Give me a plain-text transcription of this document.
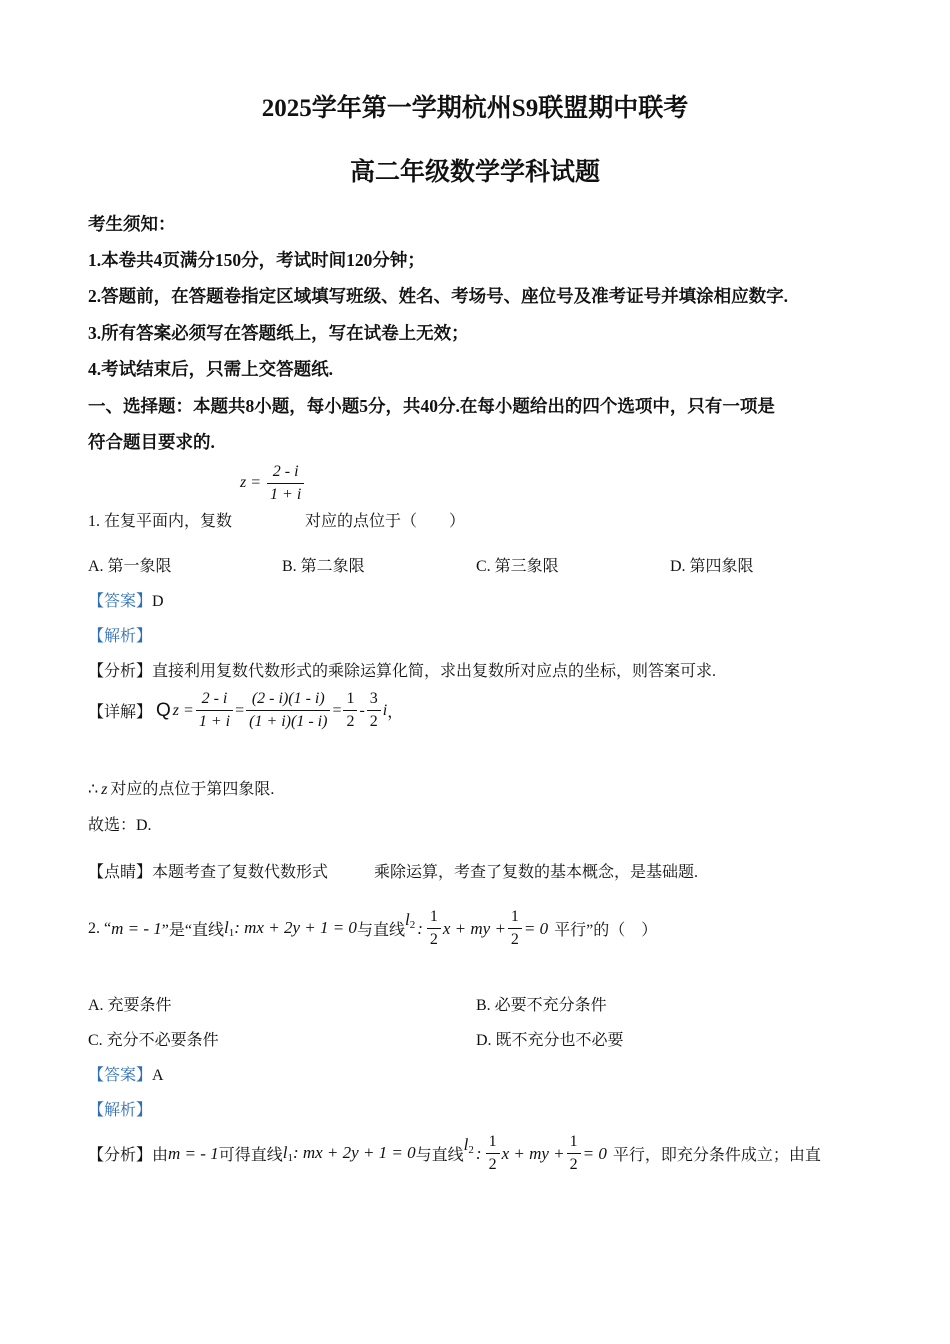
2025学年第一学期杭州S9联盟期中联考
高二年级数学学科试题
考生须知：
1.本卷共4页满分150分，考试时间120分钟；
2.答题前，在答题卷指定区域填写班级、姓名、考场号、座位号及准考证号并填涂相应数字.
3.所有答案必须写在答题纸上，写在试卷上无效；
4.考试结束后，只需上交答题纸.
一、选择题：本题共8小题，每小题5分，共40分.在每小题给出的四个选项中，只有一项是
符合题目要求的.
$z = \frac{2 - i}{1 + i}$
1. 在复平面内，复数	对应的点位于（　　）
A. 第一象限	B. 第二象限	C. 第三象限	D. 第四象限
【答案】D
【解析】
【分析】直接利用复数代数形式的乘除运算化简，求出复数所对应点的坐标，则答案可求.
【详解】 Q $z = \frac{2 - i}{1 + i} = \frac{(2 - i)(1 - i)}{(1 + i)(1 - i)} = \frac{1}{2} - \frac{3}{2}$ i ，
∴ z 对应的点位于第四象限.
故选：D.
【点睛】本题考查了复数代数形式	乘除运算，考查了复数的基本概念，是基础题.
2. “ m = - 1 ”是“直线 $l_1$: mx + 2y + 1 = 0 与直线
$l_2$ : $\frac{1}{2}$ x + my + $\frac{1}{2} = 0$ 平行”的（　）
A. 充要条件	B. 必要不充分条件
C. 充分不必要条件	D. 既不充分也不必要
【答案】A
【解析】
【分析】 由 m = - 1 可得直线 $l_1$: mx + 2y + 1 = 0 与直线
$l_2$ : $\frac{1}{2}$ x + my + $\frac{1}{2} = 0$ 平行，即充分条件成立；由直
